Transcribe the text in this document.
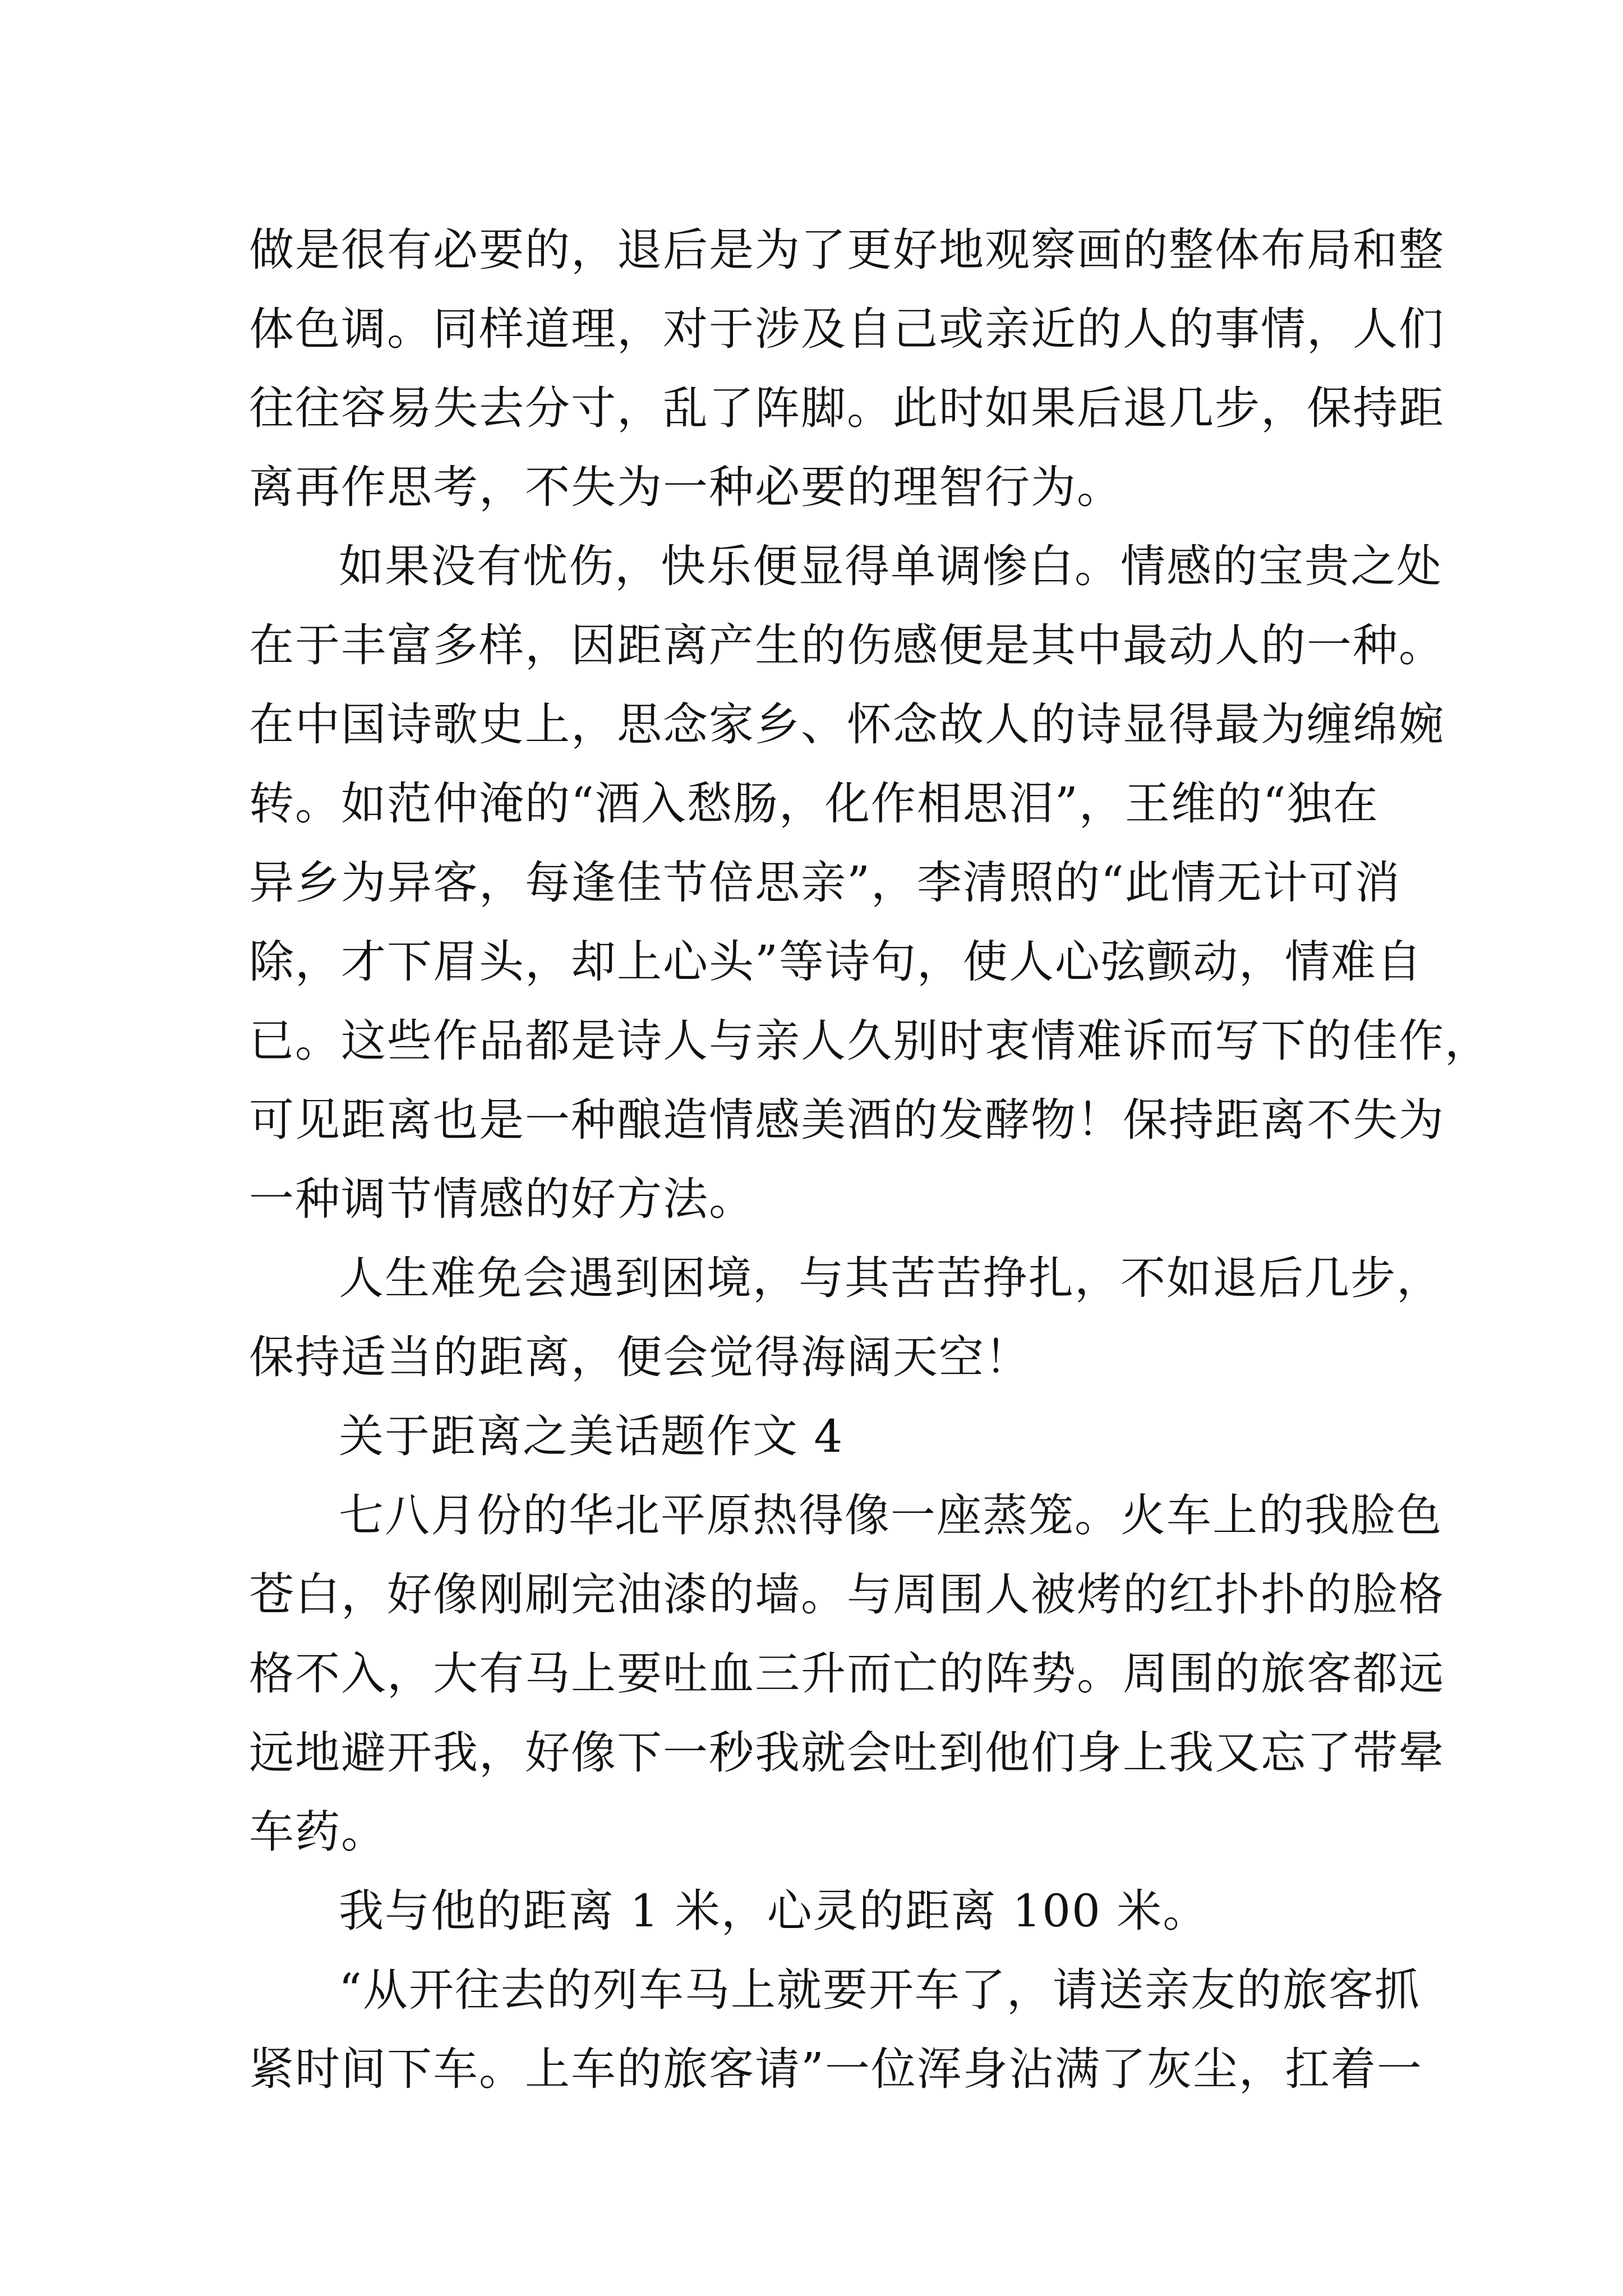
做是很有必要的，退后是为了更好地观察画的整体布局和整
体色调。同样道理，对于涉及自己或亲近的人的事情，人们
往往容易失去分寸，乱了阵脚。此时如果后退几步，保持距
离再作思考，不失为一种必要的理智行为。
如果没有忧伤，快乐便显得单调惨白。情感的宝贵之处
在于丰富多样，因距离产生的伤感便是其中最动人的一种。
在中国诗歌史上，思念家乡、怀念故人的诗显得最为缠绵婉
转。如范仲淹的“酒入愁肠，化作相思泪”，王维的“独在
异乡为异客，每逢佳节倍思亲”，李清照的“此情无计可消
除，才下眉头，却上心头”等诗句，使人心弦颤动，情难自
已。这些作品都是诗人与亲人久别时衷情难诉而写下的佳作，
可见距离也是一种酿造情感美酒的发酵物！保持距离不失为
一种调节情感的好方法。
人生难免会遇到困境，与其苦苦挣扎，不如退后几步，
保持适当的距离，便会觉得海阔天空！
关于距离之美话题作文 4
七八月份的华北平原热得像一座蒸笼。火车上的我脸色
苍白，好像刚刷完油漆的墙。与周围人被烤的红扑扑的脸格
格不入，大有马上要吐血三升而亡的阵势。周围的旅客都远
远地避开我，好像下一秒我就会吐到他们身上我又忘了带晕
车药。
我与他的距离 1 米，心灵的距离 100 米。
“从开往去的列车马上就要开车了，请送亲友的旅客抓
紧时间下车。上车的旅客请”一位浑身沾满了灰尘，扛着一
